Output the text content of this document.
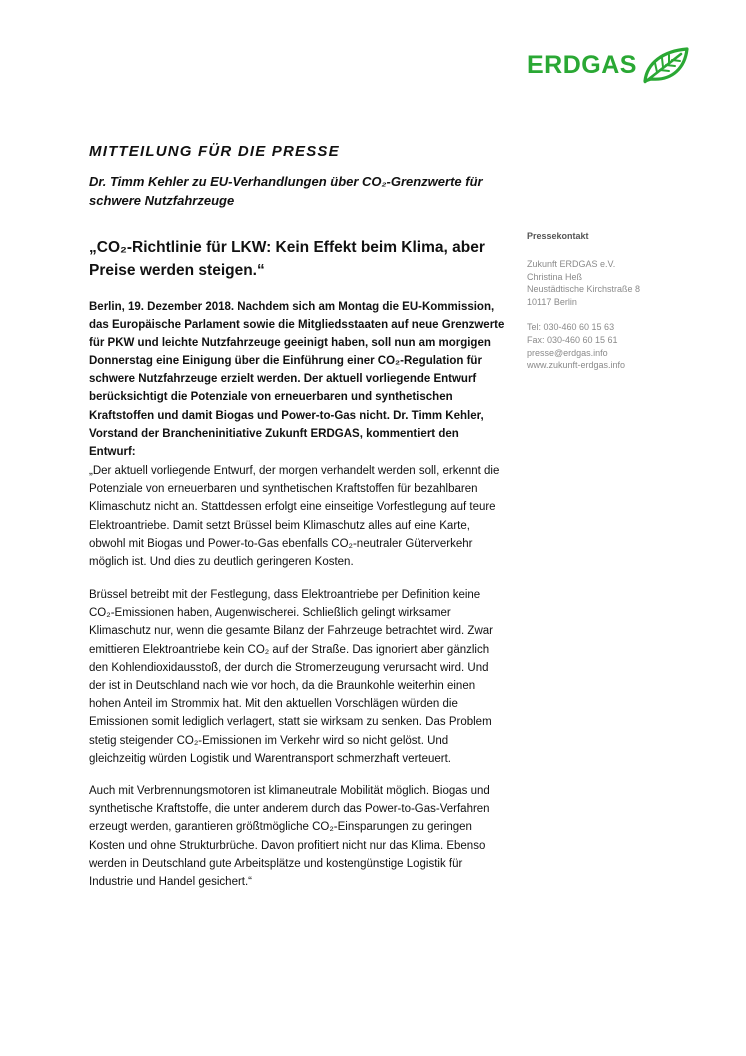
ERDGAS
MITTEILUNG FÜR DIE PRESSE
Dr. Timm Kehler zu EU-Verhandlungen über CO₂-Grenzwerte für schwere Nutzfahrzeuge
„CO₂-Richtlinie für LKW: Kein Effekt beim Klima, aber Preise werden steigen.“
Berlin, 19. Dezember 2018. Nachdem sich am Montag die EU-Kommission, das Europäische Parlament sowie die Mitgliedsstaaten auf neue Grenzwerte für PKW und leichte Nutzfahrzeuge geeinigt haben, soll nun am morgigen Donnerstag eine Einigung über die Einführung einer CO₂-Regulation für schwere Nutzfahrzeuge erzielt werden. Der aktuell vorliegende Entwurf berücksichtigt die Potenziale von erneuerbaren und synthetischen Kraftstoffen und damit Biogas und Power-to-Gas nicht. Dr. Timm Kehler, Vorstand der Brancheninitiative Zukunft ERDGAS, kommentiert den Entwurf:
„Der aktuell vorliegende Entwurf, der morgen verhandelt werden soll, erkennt die Potenziale von erneuerbaren und synthetischen Kraftstoffen für bezahlbaren Klimaschutz nicht an. Stattdessen erfolgt eine einseitige Vorfestlegung auf teure Elektroantriebe. Damit setzt Brüssel beim Klimaschutz alles auf eine Karte, obwohl mit Biogas und Power-to-Gas ebenfalls CO₂-neutraler Güterverkehr möglich ist. Und dies zu deutlich geringeren Kosten.
Brüssel betreibt mit der Festlegung, dass Elektroantriebe per Definition keine CO₂-Emissionen haben, Augenwischerei. Schließlich gelingt wirksamer Klimaschutz nur, wenn die gesamte Bilanz der Fahrzeuge betrachtet wird. Zwar emittieren Elektroantriebe kein CO₂ auf der Straße. Das ignoriert aber gänzlich den Kohlendioxidausstoß, der durch die Stromerzeugung verursacht wird. Und der ist in Deutschland nach wie vor hoch, da die Braunkohle weiterhin einen hohen Anteil im Strommix hat. Mit den aktuellen Vorschlägen würden die Emissionen somit lediglich verlagert, statt sie wirksam zu senken. Das Problem stetig steigender CO₂-Emissionen im Verkehr wird so nicht gelöst. Und gleichzeitig würden Logistik und Warentransport schmerzhaft verteuert.
Auch mit Verbrennungsmotoren ist klimaneutrale Mobilität möglich. Biogas und synthetische Kraftstoffe, die unter anderem durch das Power-to-Gas-Verfahren erzeugt werden, garantieren größtmögliche CO₂-Einsparungen zu geringen Kosten und ohne Strukturbrüche. Davon profitiert nicht nur das Klima. Ebenso werden in Deutschland gute Arbeitsplätze und kostengünstige Logistik für Industrie und Handel gesichert.“
Pressekontakt
Zukunft ERDGAS e.V.
Christina Heß
Neustädtische Kirchstraße 8
10117 Berlin
Tel: 030-460 60 15 63
Fax: 030-460 60 15 61
presse@erdgas.info
www.zukunft-erdgas.info
